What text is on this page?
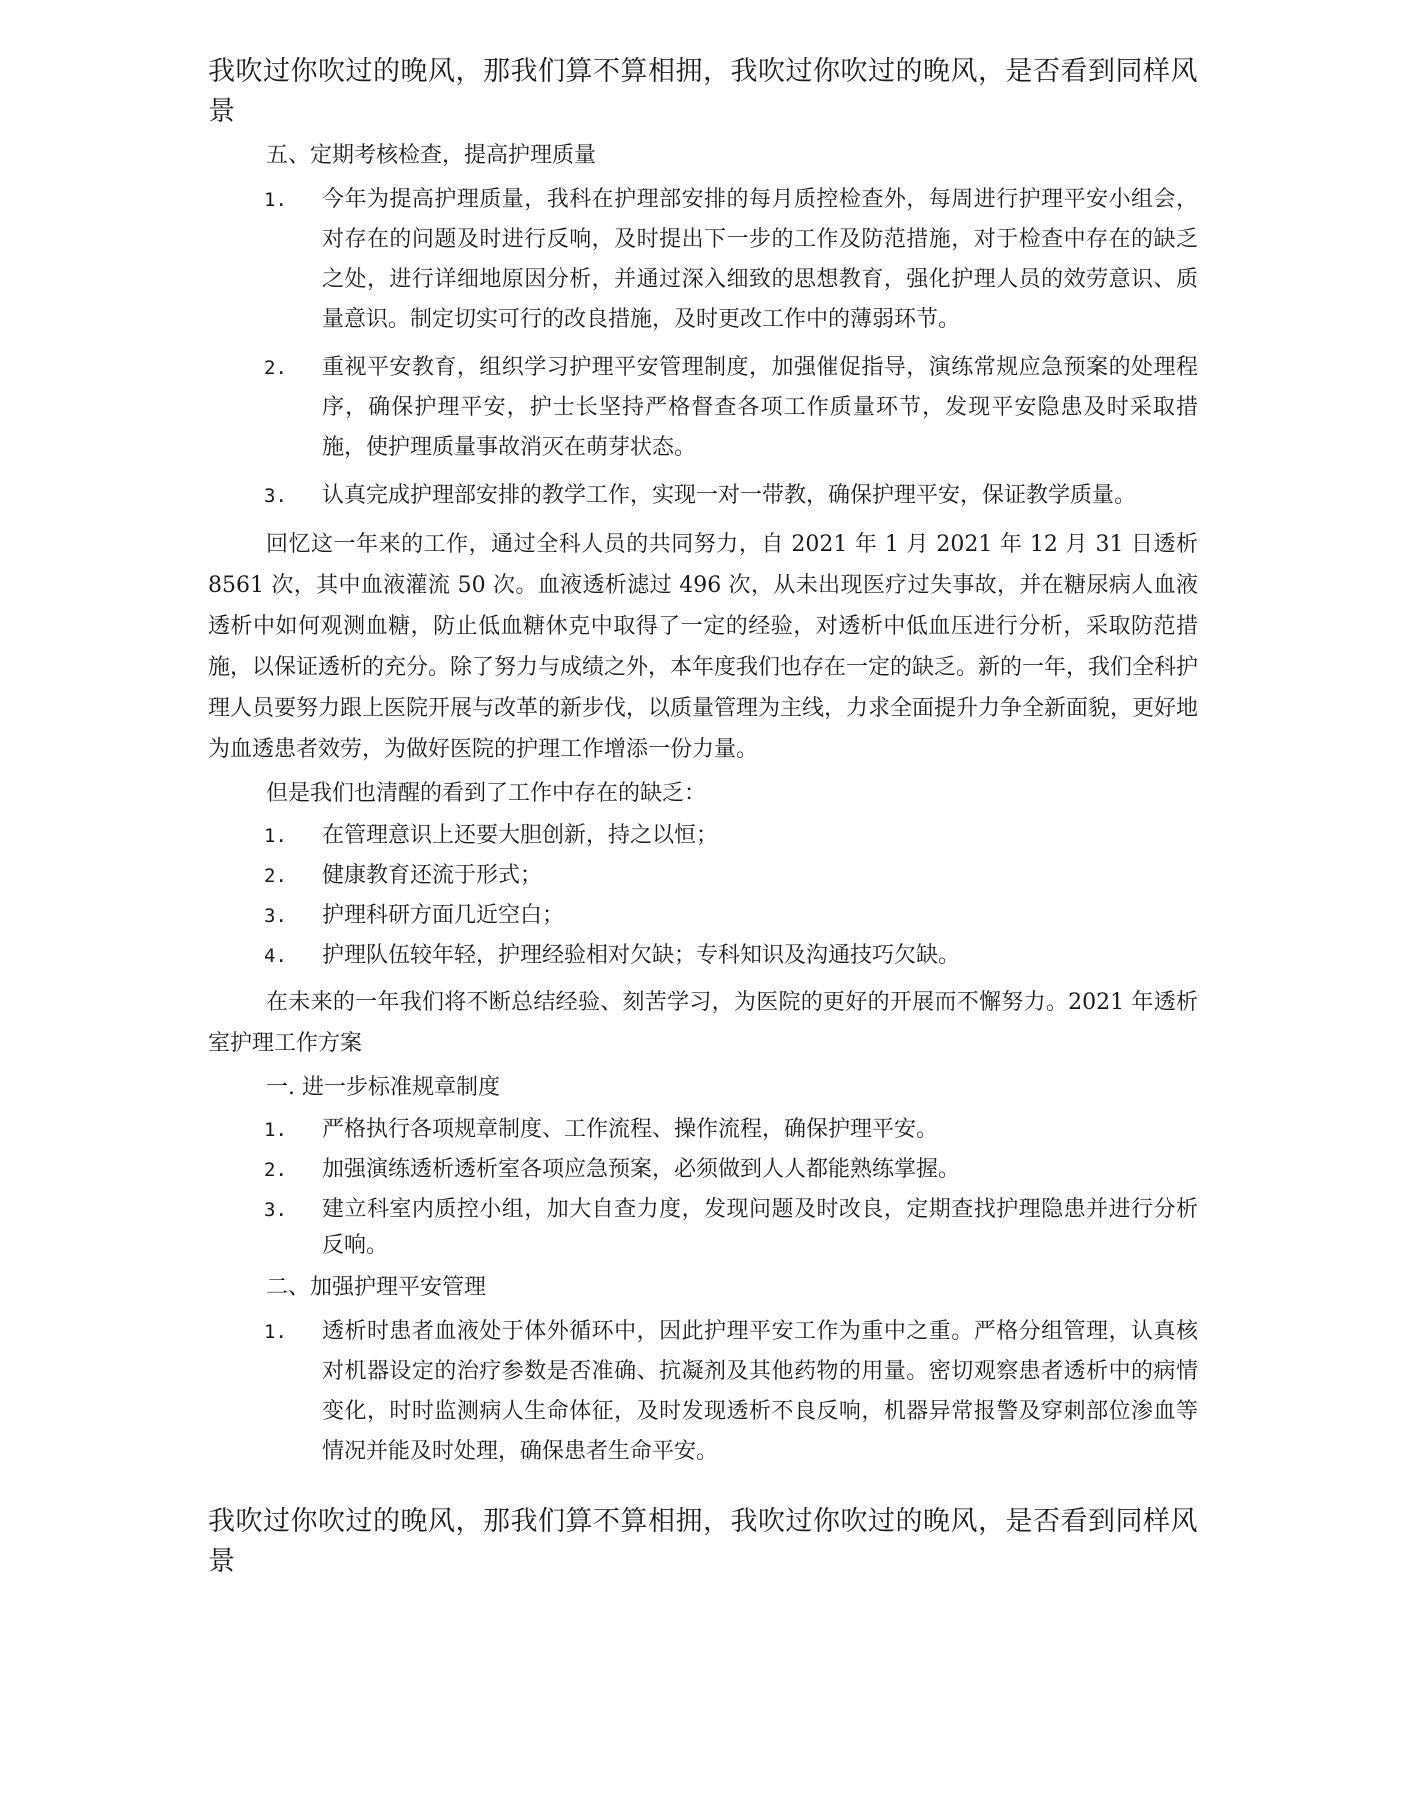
我吹过你吹过的晚风，那我们算不算相拥，我吹过你吹过的晚风，是否看到同样风景

五、定期考核检查，提高护理质量

1.	今年为提高护理质量，我科在护理部安排的每月质控检查外，每周进行护理平安小组会，对存在的问题及时进行反响，及时提出下一步的工作及防范措施，对于检查中存在的缺乏之处，进行详细地原因分析，并通过深入细致的思想教育，强化护理人员的效劳意识、质量意识。制定切实可行的改良措施，及时更改工作中的薄弱环节。
2.	重视平安教育，组织学习护理平安管理制度，加强催促指导，演练常规应急预案的处理程序，确保护理平安，护士长坚持严格督查各项工作质量环节，发现平安隐患及时采取措施，使护理质量事故消灭在萌芽状态。
3.	认真完成护理部安排的教学工作，实现一对一带教，确保护理平安，保证教学质量。

回忆这一年来的工作，通过全科人员的共同努力，自 2021 年 1 月 2021 年 12 月 31 日透析 8561 次，其中血液灌流 50 次。血液透析滤过 496 次，从未出现医疗过失事故，并在糖尿病人血液透析中如何观测血糖，防止低血糖休克中取得了一定的经验，对透析中低血压进行分析，采取防范措施，以保证透析的充分。除了努力与成绩之外，本年度我们也存在一定的缺乏。新的一年，我们全科护理人员要努力跟上医院开展与改革的新步伐，以质量管理为主线，力求全面提升力争全新面貌，更好地为血透患者效劳，为做好医院的护理工作增添一份力量。

但是我们也清醒的看到了工作中存在的缺乏：

1.	在管理意识上还要大胆创新，持之以恒；
2.	健康教育还流于形式；
3.	护理科研方面几近空白；
4.	护理队伍较年轻，护理经验相对欠缺；专科知识及沟通技巧欠缺。

在未来的一年我们将不断总结经验、刻苦学习，为医院的更好的开展而不懈努力。2021 年透析室护理工作方案

一. 进一步标准规章制度

1.	严格执行各项规章制度、工作流程、操作流程，确保护理平安。
2.	加强演练透析透析室各项应急预案，必须做到人人都能熟练掌握。
3.	建立科室内质控小组，加大自查力度，发现问题及时改良，定期查找护理隐患并进行分析反响。

二、加强护理平安管理

1.	透析时患者血液处于体外循环中，因此护理平安工作为重中之重。严格分组管理，认真核对机器设定的治疗参数是否准确、抗凝剂及其他药物的用量。密切观察患者透析中的病情变化，时时监测病人生命体征，及时发现透析不良反响，机器异常报警及穿刺部位渗血等情况并能及时处理，确保患者生命平安。

我吹过你吹过的晚风，那我们算不算相拥，我吹过你吹过的晚风，是否看到同样风景
